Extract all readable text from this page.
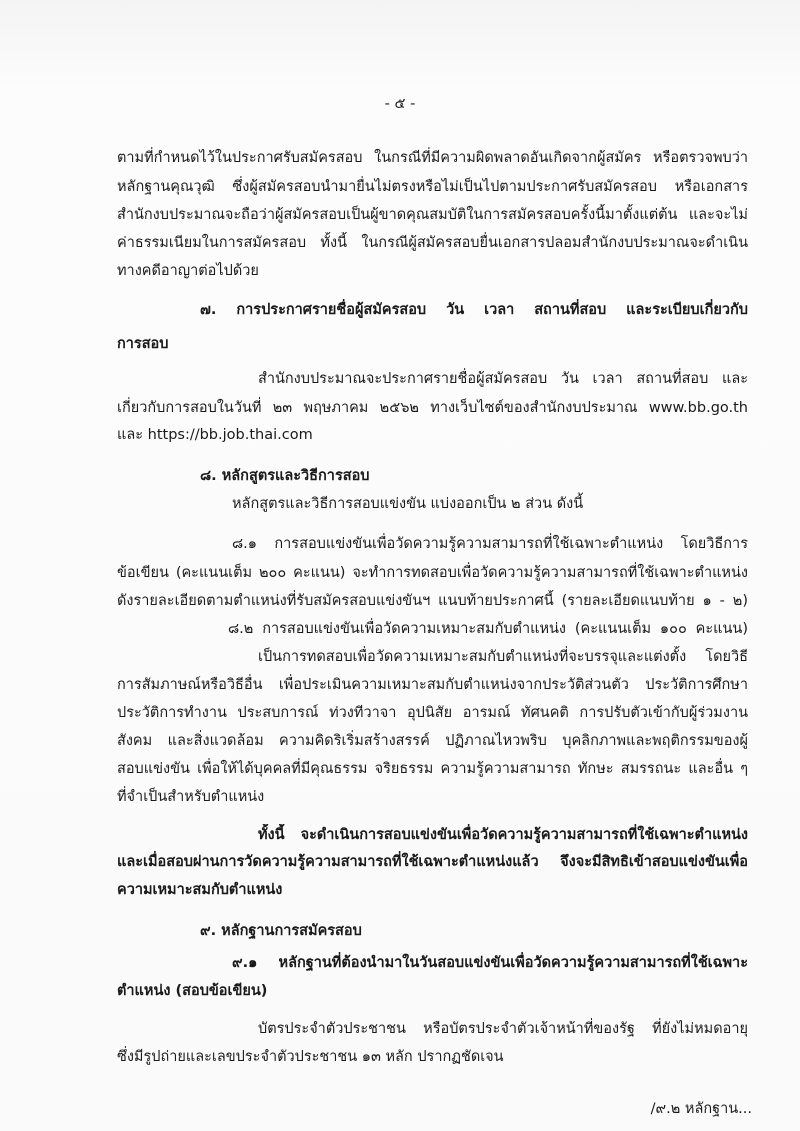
- ๕ -
ตามที่กำหนดไว้ในประกาศรับสมัครสอบ ในกรณีที่มีความผิดพลาดอันเกิดจากผู้สมัคร หรือตรวจพบว่า
หลักฐานคุณวุฒิ ซึ่งผู้สมัครสอบนำมายื่นไม่ตรงหรือไม่เป็นไปตามประกาศรับสมัครสอบ หรือเอกสาร
สำนักงบประมาณจะถือว่าผู้สมัครสอบเป็นผู้ขาดคุณสมบัติในการสมัครสอบครั้งนี้มาตั้งแต่ต้น และจะไม่
ค่าธรรมเนียมในการสมัครสอบ ทั้งนี้ ในกรณีผู้สมัครสอบยื่นเอกสารปลอมสำนักงบประมาณจะดำเนิน
ทางคดีอาญาต่อไปด้วย
๗. การประกาศรายชื่อผู้สมัครสอบ วัน เวลา สถานที่สอบ และระเบียบเกี่ยวกับ
การสอบ
สำนักงบประมาณจะประกาศรายชื่อผู้สมัครสอบ วัน เวลา สถานที่สอบ และ
เกี่ยวกับการสอบในวันที่ ๒๓ พฤษภาคม ๒๕๖๒ ทางเว็บไซต์ของสำนักงบประมาณ www.bb.go.th
และ https://bb.job.thai.com
๘. หลักสูตรและวิธีการสอบ
หลักสูตรและวิธีการสอบแข่งขัน แบ่งออกเป็น ๒ ส่วน ดังนี้
๘.๑ การสอบแข่งขันเพื่อวัดความรู้ความสามารถที่ใช้เฉพาะตำแหน่ง โดยวิธีการ
ข้อเขียน (คะแนนเต็ม ๒๐๐ คะแนน) จะทำการทดสอบเพื่อวัดความรู้ความสามารถที่ใช้เฉพาะตำแหน่ง
ดังรายละเอียดตามตำแหน่งที่รับสมัครสอบแข่งขันฯ แนบท้ายประกาศนี้ (รายละเอียดแนบท้าย ๑ - ๒)
๘.๒ การสอบแข่งขันเพื่อวัดความเหมาะสมกับตำแหน่ง (คะแนนเต็ม ๑๐๐ คะแนน)
เป็นการทดสอบเพื่อวัดความเหมาะสมกับตำแหน่งที่จะบรรจุและแต่งตั้ง โดยวิธี
การสัมภาษณ์หรือวิธีอื่น เพื่อประเมินความเหมาะสมกับตำแหน่งจากประวัติส่วนตัว ประวัติการศึกษา
ประวัติการทำงาน ประสบการณ์ ท่วงทีวาจา อุปนิสัย อารมณ์ ทัศนคติ การปรับตัวเข้ากับผู้ร่วมงาน
สังคม และสิ่งแวดล้อม ความคิดริเริ่มสร้างสรรค์ ปฏิภาณไหวพริบ บุคลิกภาพและพฤติกรรมของผู้
สอบแข่งขัน เพื่อให้ได้บุคคลที่มีคุณธรรม จริยธรรม ความรู้ความสามารถ ทักษะ สมรรถนะ และอื่น ๆ
ที่จำเป็นสำหรับตำแหน่ง
ทั้งนี้ จะดำเนินการสอบแข่งขันเพื่อวัดความรู้ความสามารถที่ใช้เฉพาะตำแหน่ง
และเมื่อสอบผ่านการวัดความรู้ความสามารถที่ใช้เฉพาะตำแหน่งแล้ว จึงจะมีสิทธิเข้าสอบแข่งขันเพื่อ
ความเหมาะสมกับตำแหน่ง
๙. หลักฐานการสมัครสอบ
๙.๑ หลักฐานที่ต้องนำมาในวันสอบแข่งขันเพื่อวัดความรู้ความสามารถที่ใช้เฉพาะ
ตำแหน่ง (สอบข้อเขียน)
บัตรประจำตัวประชาชน หรือบัตรประจำตัวเจ้าหน้าที่ของรัฐ ที่ยังไม่หมดอายุ
ซึ่งมีรูปถ่ายและเลขประจำตัวประชาชน ๑๓ หลัก ปรากฏชัดเจน
/๙.๒ หลักฐาน...
